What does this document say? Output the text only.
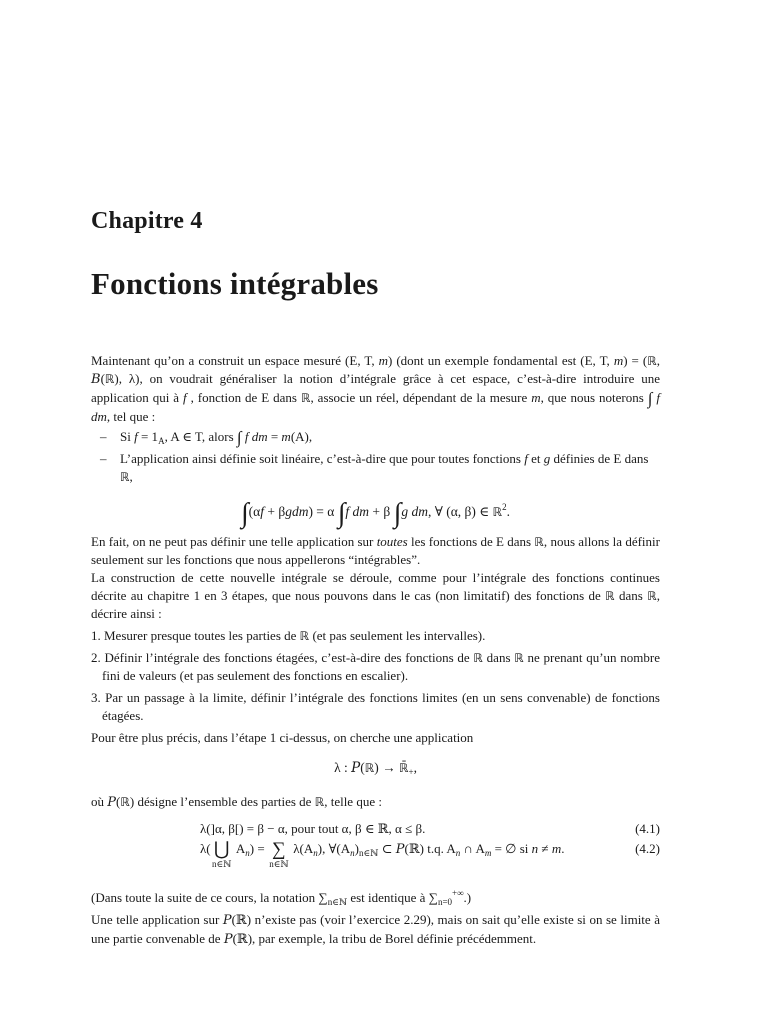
Chapitre 4
Fonctions intégrables

Maintenant qu’on a construit un espace mesuré (E, T, m) (dont un exemple fondamental est (E, T, m) = (ℝ, B(ℝ), λ), on voudrait généraliser la notion d’intégrale grâce à cet espace, c’est-à-dire introduire une application qui à f , fonction de E dans ℝ, associe un réel, dépendant de la mesure m, que nous noterons ∫ f dm, tel que :

– Si $f = 1_A$, A ∈ T, alors ∫ f dm = m(A),
– L’application ainsi définie soit linéaire, c’est-à-dire que pour toutes fonctions f et g définies de E dans ℝ,
∫(αf + βgdm) = α ∫f dm + β ∫g dm, ∀ (α, β) ∈ ℝ$^2$.

En fait, on ne peut pas définir une telle application sur toutes les fonctions de E dans ℝ, nous allons la définir seulement sur les fonctions que nous appellerons “intégrables”.

La construction de cette nouvelle intégrale se déroule, comme pour l’intégrale des fonctions continues décrite au chapitre 1 en 3 étapes, que nous pouvons dans le cas (non limitatif) des fonctions de ℝ dans ℝ, décrire ainsi :

1. Mesurer presque toutes les parties de ℝ (et pas seulement les intervalles).
2. Définir l’intégrale des fonctions étagées, c’est-à-dire des fonctions de ℝ dans ℝ ne prenant qu’un nombre fini de valeurs (et pas seulement des fonctions en escalier).
3. Par un passage à la limite, définir l’intégrale des fonctions limites (en un sens convenable) de fonctions étagées.

Pour être plus précis, dans l’étape 1 ci-dessus, on cherche une application

λ : P(ℝ) → $ℝ̄_+$,

où P(ℝ) désigne l’ensemble des parties de ℝ, telle que :

λ(]α, β[) = β − α, pour tout α, β ∈ ℝ, α ≤ β.	(4.1)
λ( ⋃
n∈ℕ
$A_n$) = ∑
n∈ℕ
$\lambda(A_n)$, $\forall(A_n)_{n\in ℕ}$ ⊂ P(ℝ) t.q. $A_n$ ∩ $A_m$ = ∅ si n ≠ m.	(4.2)

(Dans toute la suite de ce cours, la notation $\sum_{n\in ℕ}$ est identique à $\sum_{n=0}^{+\infty}$.)

Une telle application sur P(ℝ) n’existe pas (voir l’exercice 2.29), mais on sait qu’elle existe si on se limite à une partie convenable de P(ℝ), par exemple, la tribu de Borel définie précédemment.
